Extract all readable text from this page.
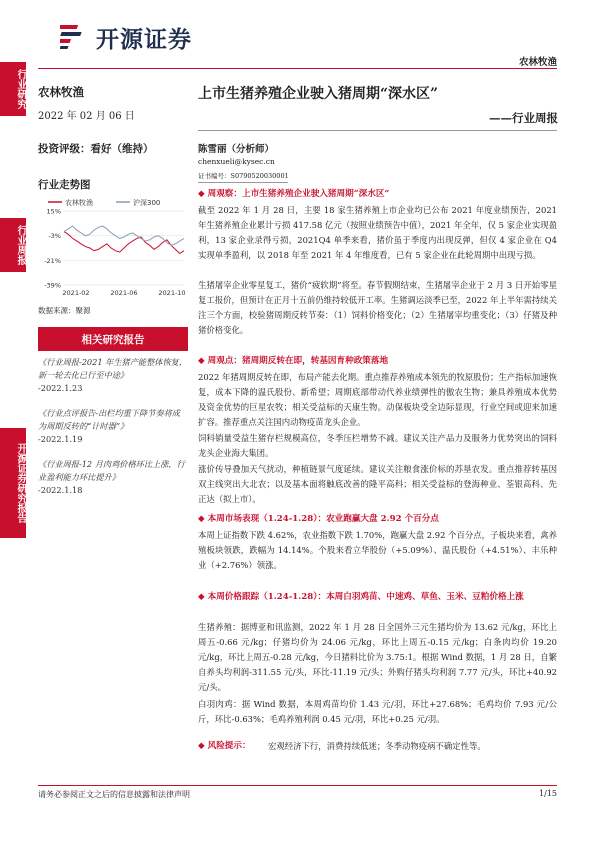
开源证券
农林牧渔
行业研究
行业周报
开源证券研究报告
农林牧渔
2022 年 02 月 06 日
投资评级：看好（维持）
行业走势图
农林牧渔	沪深300
15%
-3%
-21%
-39%
2021-02	2021-06	2021-10
数据来源：聚源
相关研究报告
《行业周报-2021 年生猪产能整体恢复，新一轮去化已行至中途》
-2022.1.23
《行业点评报告-出栏均重下降节奏将成为周期反转的“计时器”》
-2022.1.19
《行业周报-12 月肉鸡价格环比上涨，行业盈利能力环比提升》
-2022.1.18
上市生猪养殖企业驶入猪周期“深水区”
——行业周报
陈雪丽（分析师）
chenxueli@kysec.cn
证书编号：S0790520030001
◆ 周观察：上市生猪养殖企业驶入猪周期“深水区”
截至 2022 年 1 月 28 日，主要 18 家生猪养殖上市企业均已公布 2021 年度业绩预告，2021 年生猪养殖企业累计亏损 417.58 亿元（按照业绩预告中值），2021 年全年，仅 5 家企业实现盈利，13 家企业录得亏损，2021Q4 单季来看，猪价虽于季度内出现反弹，但仅 4 家企业在 Q4 实现单季盈利，以 2018 年至 2021 年 4 年维度看，已有 5 家企业在此轮周期中出现亏损。
生猪屠宰企业零星复工，猪价“疲软期”将至。春节假期结束，生猪屠宰企业于 2 月 3 日开始零星复工报价，但预计在正月十五前仍维持较低开工率。生猪调运淡季已至，2022 年上半年需持续关注三个方面，校验猪周期反转节奏：（1）饲料价格变化；（2）生猪屠宰均重变化；（3）仔猪及种猪价格变化。
◆ 周观点：猪周期反转在即，转基因育种政策落地
2022 年猪周期反转在即，布局产能去化期。重点推荐养殖成本领先的牧原股份；生产指标加速恢复，成本下降的温氏股份、新希望；周期底部带动代养业绩弹性的傲农生物；兼具养殖成本优势及资金优势的巨星农牧；相关受益标的天康生物。动保板块受全边际显现，行业空间或迎来加速扩容。推荐重点关注国内动物疫苗龙头企业。
饲料销量受益生猪存栏规模高位，冬季压栏增势不减。建议关注产品力及服务力优势突出的饲料龙头企业海大集团。
涨价传导叠加天气扰动，种植链景气度延续。建议关注粮食涨价标的苏垦农发。重点推荐转基因双主线突出大北农；以及基本面将触底改善的隆平高科；相关受益标的登海种业、荃银高科、先正达（拟上市）。
◆ 本周市场表现（1.24-1.28）：农业跑赢大盘 2.92 个百分点
本周上证指数下跌 4.62%，农业指数下跌 1.70%，跑赢大盘 2.92 个百分点，子板块来看，禽养殖板块领跌，跌幅为 14.14%。个股来看立华股份（+5.09%）、温氏股份（+4.51%）、丰乐种业（+2.76%）领涨。
◆ 本周价格跟踪（1.24-1.28）：本周白羽鸡苗、中速鸡、草鱼、玉米、豆粕价格上涨
生猪养殖：据博亚和讯监测，2022 年 1 月 28 日全国外三元生猪均价为 13.62 元/kg，环比上周五-0.66 元/kg；仔猪均价为 24.06 元/kg，环比上周五-0.15 元/kg；白条肉均价 19.20 元/kg，环比上周五-0.28 元/kg，今日猪料比价为 3.75:1。根据 Wind 数据，1 月 28 日，自繁自养头均利润-311.55 元/头，环比-11.19 元/头；外购仔猪头均利润 7.77 元/头，环比+40.92 元/头。
白羽肉鸡：据 Wind 数据，本周鸡苗均价 1.43 元/羽，环比+27.68%；毛鸡均价 7.93 元/公斤，环比-0.63%；毛鸡养殖利润 0.45 元/羽，环比+0.25 元/羽。
◆ 风险提示： 宏观经济下行，消费持续低迷；冬季动物疫病不确定性等。
请务必参阅正文之后的信息披露和法律声明	1/15
